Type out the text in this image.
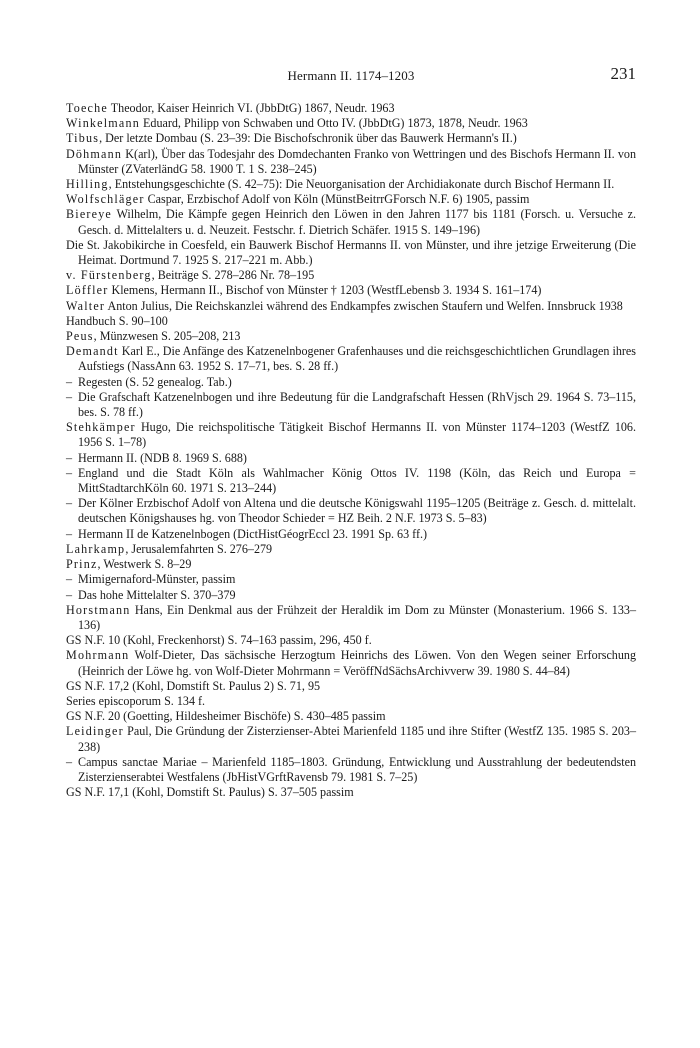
Hermann II. 1174–1203	231

Toeche Theodor, Kaiser Heinrich VI. (JbbDtG) 1867, Neudr. 1963

Winkelmann Eduard, Philipp von Schwaben und Otto IV. (JbbDtG) 1873, 1878, Neudr. 1963

Tibus, Der letzte Dombau (S. 23–39: Die Bischofschronik über das Bauwerk Hermann's II.)

Döhmann K(arl), Über das Todesjahr des Domdechanten Franko von Wettringen und des Bischofs Hermann II. von Münster (ZVaterländG 58. 1900 T. 1 S. 238–245)

Hilling, Entstehungsgeschichte (S. 42–75): Die Neuorganisation der Archidiakonate durch Bischof Hermann II.

Wolfschläger Caspar, Erzbischof Adolf von Köln (MünstBeitrrGForsch N.F. 6) 1905, passim

Biereye Wilhelm, Die Kämpfe gegen Heinrich den Löwen in den Jahren 1177 bis 1181 (Forsch. u. Versuche z. Gesch. d. Mittelalters u. d. Neuzeit. Festschr. f. Dietrich Schäfer. 1915 S. 149–196)

Die St. Jakobikirche in Coesfeld, ein Bauwerk Bischof Hermanns II. von Münster, und ihre jetzige Erweiterung (Die Heimat. Dortmund 7. 1925 S. 217–221 m. Abb.)

v. Fürstenberg, Beiträge S. 278–286 Nr. 78–195

Löffler Klemens, Hermann II., Bischof von Münster † 1203 (WestfLebensb 3. 1934 S. 161–174)

Walter Anton Julius, Die Reichskanzlei während des Endkampfes zwischen Staufern und Welfen. Innsbruck 1938

Handbuch S. 90–100

Peus, Münzwesen S. 205–208, 213

Demandt Karl E., Die Anfänge des Katzenelnbogener Grafenhauses und die reichsgeschichtlichen Grundlagen ihres Aufstiegs (NassAnn 63. 1952 S. 17–71, bes. S. 28 ff.)

– Regesten (S. 52 genealog. Tab.)

– Die Grafschaft Katzenelnbogen und ihre Bedeutung für die Landgrafschaft Hessen (RhVjsch 29. 1964 S. 73–115, bes. S. 78 ff.)

Stehkämper Hugo, Die reichspolitische Tätigkeit Bischof Hermanns II. von Münster 1174–1203 (WestfZ 106. 1956 S. 1–78)

– Hermann II. (NDB 8. 1969 S. 688)

– England und die Stadt Köln als Wahlmacher König Ottos IV. 1198 (Köln, das Reich und Europa = MittStadtarchKöln 60. 1971 S. 213–244)

– Der Kölner Erzbischof Adolf von Altena und die deutsche Königswahl 1195–1205 (Beiträge z. Gesch. d. mittelalt. deutschen Königshauses hg. von Theodor Schieder = HZ Beih. 2 N.F. 1973 S. 5–83)

– Hermann II de Katzenelnbogen (DictHistGéogrEccl 23. 1991 Sp. 63 ff.)

Lahrkamp, Jerusalemfahrten S. 276–279

Prinz, Westwerk S. 8–29

– Mimigernaford-Münster, passim

– Das hohe Mittelalter S. 370–379

Horstmann Hans, Ein Denkmal aus der Frühzeit der Heraldik im Dom zu Münster (Monasterium. 1966 S. 133–136)

GS N.F. 10 (Kohl, Freckenhorst) S. 74–163 passim, 296, 450 f.

Mohrmann Wolf-Dieter, Das sächsische Herzogtum Heinrichs des Löwen. Von den Wegen seiner Erforschung (Heinrich der Löwe hg. von Wolf-Dieter Mohrmann = VeröffNdSächsArchivverw 39. 1980 S. 44–84)

GS N.F. 17,2 (Kohl, Domstift St. Paulus 2) S. 71, 95

Series episcoporum S. 134 f.

GS N.F. 20 (Goetting, Hildesheimer Bischöfe) S. 430–485 passim

Leidinger Paul, Die Gründung der Zisterzienser-Abtei Marienfeld 1185 und ihre Stifter (WestfZ 135. 1985 S. 203–238)

– Campus sanctae Mariae – Marienfeld 1185–1803. Gründung, Entwicklung und Ausstrahlung der bedeutendsten Zisterzienserabtei Westfalens (JbHistVGrftRavensb 79. 1981 S. 7–25)

GS N.F. 17,1 (Kohl, Domstift St. Paulus) S. 37–505 passim
